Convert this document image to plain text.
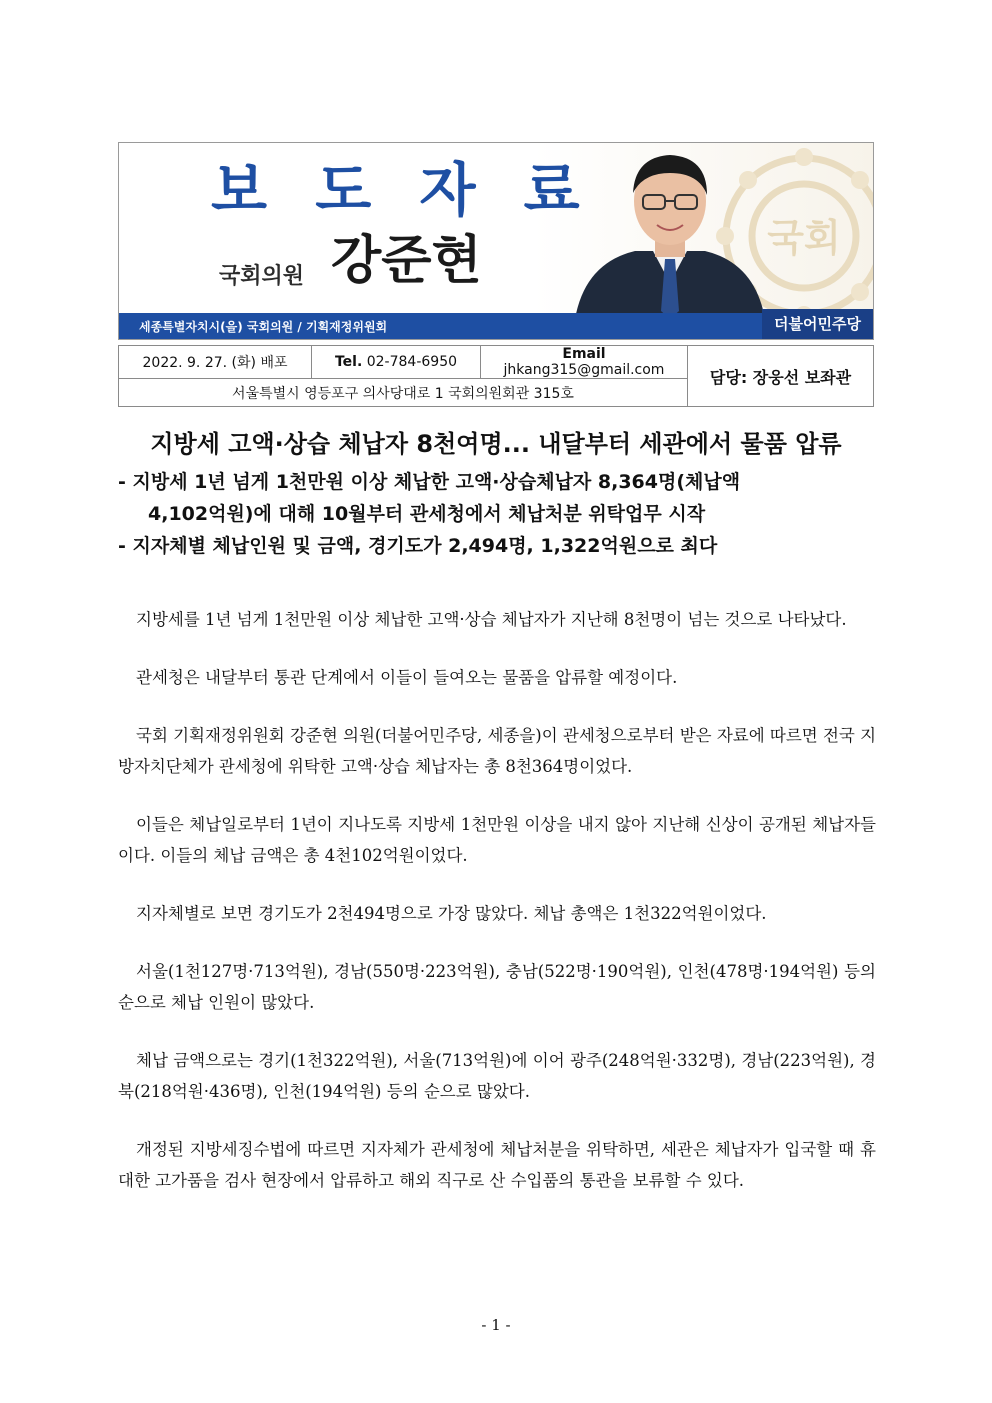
국회
보 도 자 료
국회의원 강준현
세종특별자치시(을) 국회의원 / 기획재정위원회	더불어민주당
2022. 9. 27. (화) 배포	Tel. 02-784-6950	Email jhkang315@gmail.com	담당: 장웅선 보좌관
서울특별시 영등포구 의사당대로 1 국회의원회관 315호
지방세 고액·상습 체납자 8천여명... 내달부터 세관에서 물품 압류
- 지방세 1년 넘게 1천만원 이상 체납한 고액·상습체납자 8,364명(체납액
4,102억원)에 대해 10월부터 관세청에서 체납처분 위탁업무 시작
- 지자체별 체납인원 및 금액, 경기도가 2,494명, 1,322억원으로 최다

지방세를 1년 넘게 1천만원 이상 체납한 고액·상습 체납자가 지난해 8천명이 넘는 것으로 나타났다.

관세청은 내달부터 통관 단계에서 이들이 들여오는 물품을 압류할 예정이다.

국회 기획재정위원회 강준현 의원(더불어민주당, 세종을)이 관세청으로부터 받은 자료에 따르면 전국 지방자치단체가 관세청에 위탁한 고액·상습 체납자는 총 8천364명이었다.

이들은 체납일로부터 1년이 지나도록 지방세 1천만원 이상을 내지 않아 지난해 신상이 공개된 체납자들이다. 이들의 체납 금액은 총 4천102억원이었다.

지자체별로 보면 경기도가 2천494명으로 가장 많았다. 체납 총액은 1천322억원이었다.

서울(1천127명·713억원), 경남(550명·223억원), 충남(522명·190억원), 인천(478명·194억원) 등의 순으로 체납 인원이 많았다.

체납 금액으로는 경기(1천322억원), 서울(713억원)에 이어 광주(248억원·332명), 경남(223억원), 경북(218억원·436명), 인천(194억원) 등의 순으로 많았다.

개정된 지방세징수법에 따르면 지자체가 관세청에 체납처분을 위탁하면, 세관은 체납자가 입국할 때 휴대한 고가품을 검사 현장에서 압류하고 해외 직구로 산 수입품의 통관을 보류할 수 있다.

- 1 -
